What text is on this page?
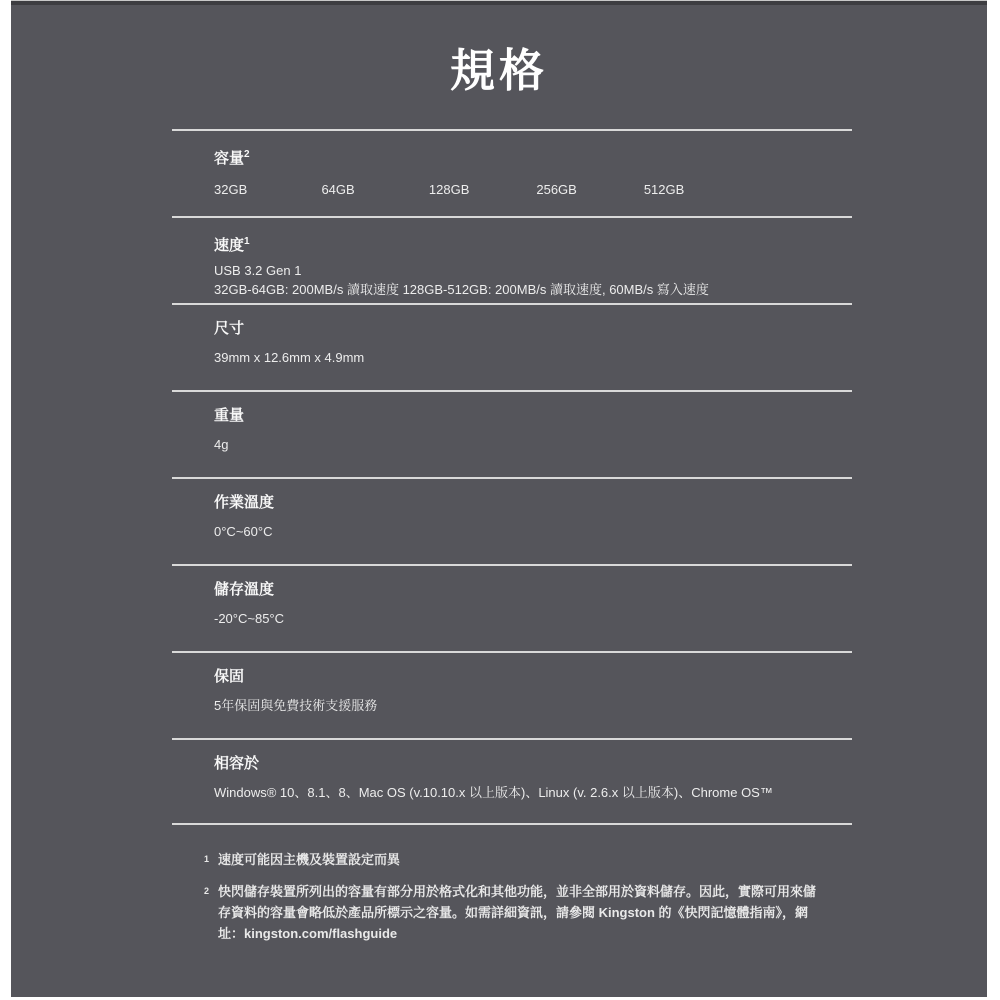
規格
容量$^2$
32GB	64GB	128GB	256GB	512GB
速度$^1$
USB 3.2 Gen 1
32GB-64GB: 200MB/s 讀取速度 128GB-512GB: 200MB/s 讀取速度, 60MB/s 寫入速度
尺寸
39mm x 12.6mm x 4.9mm
重量
4g
作業溫度
0°C~60°C
儲存溫度
-20°C~85°C
保固
5年保固與免費技術支援服務
相容於
Windows® 10、8.1、8、Mac OS (v.10.10.x 以上版本)、Linux (v. 2.6.x 以上版本)、Chrome OS™
1 速度可能因主機及裝置設定而異
2 快閃儲存裝置所列出的容量有部分用於格式化和其他功能，並非全部用於資料儲存。因此，實際可用來儲存資料的容量會略低於產品所標示之容量。如需詳細資訊，請參閱 Kingston 的《快閃記憶體指南》，網址：kingston.com/flashguide
